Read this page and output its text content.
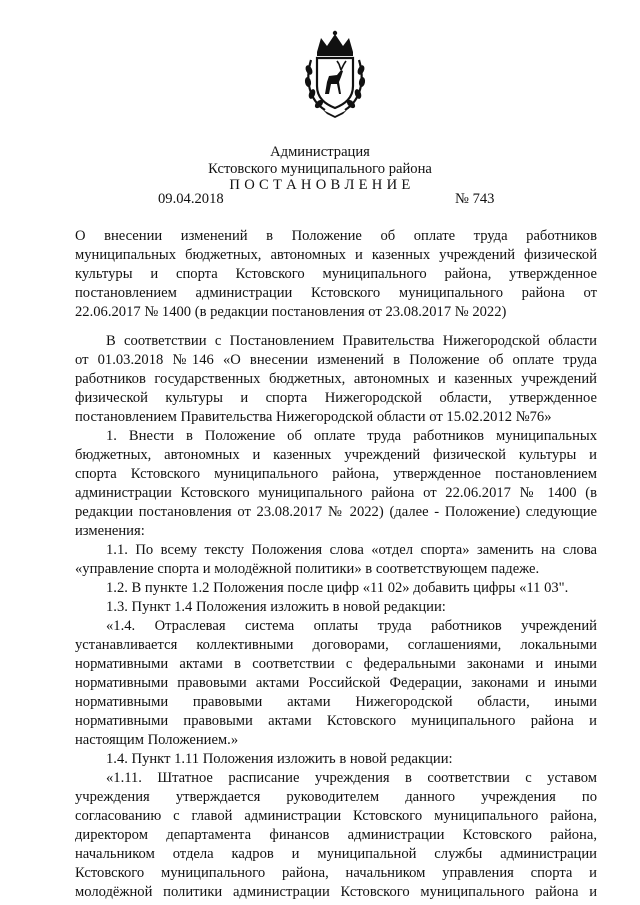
Администрация
Кстовского муниципального района
П О С Т А Н О В Л Е Н И Е
09.04.2018	№ 743
О внесении изменений в Положение об оплате труда работников
муниципальных бюджетных, автономных и казенных учреждений физической
культуры и спорта Кстовского муниципального района, утвержденное
постановлением администрации Кстовского муниципального района от
22.06.2017 № 1400 (в редакции постановления от 23.08.2017 № 2022)
В соответствии с Постановлением Правительства Нижегородской области
от 01.03.2018 №146 «О внесении изменений в Положение об оплате труда
работников государственных бюджетных, автономных и казенных учреждений
физической культуры и спорта Нижегородской области, утвержденное
постановлением Правительства Нижегородской области от 15.02.2012 №76»
1. Внести в Положение об оплате труда работников муниципальных
бюджетных, автономных и казенных учреждений физической культуры и
спорта Кстовского муниципального района, утвержденное постановлением
администрации Кстовского муниципального района от 22.06.2017 № 1400 (в
редакции постановления от 23.08.2017 № 2022) (далее - Положение) следующие
изменения:
1.1. По всему тексту Положения слова «отдел спорта» заменить на слова
«управление спорта и молодёжной политики» в соответствующем падеже.
1.2. В пункте 1.2 Положения после цифр «11 02» добавить цифры «11 03".
1.3. Пункт 1.4 Положения изложить в новой редакции:
«1.4. Отраслевая система оплаты труда работников учреждений
устанавливается коллективными договорами, соглашениями, локальными
нормативными актами в соответствии с федеральными законами и иными
нормативными правовыми актами Российской Федерации, законами и иными
нормативными правовыми актами Нижегородской области, иными
нормативными правовыми актами Кстовского муниципального района и
настоящим Положением.»
1.4. Пункт 1.11 Положения изложить в новой редакции:
«1.11. Штатное расписание учреждения в соответствии с уставом
учреждения утверждается руководителем данного учреждения по
согласованию с главой администрации Кстовского муниципального района,
директором департамента финансов администрации Кстовского района,
начальником отдела кадров и муниципальной службы администрации
Кстовского муниципального района, начальником управления спорта и
молодёжной политики администрации Кстовского муниципального района и
